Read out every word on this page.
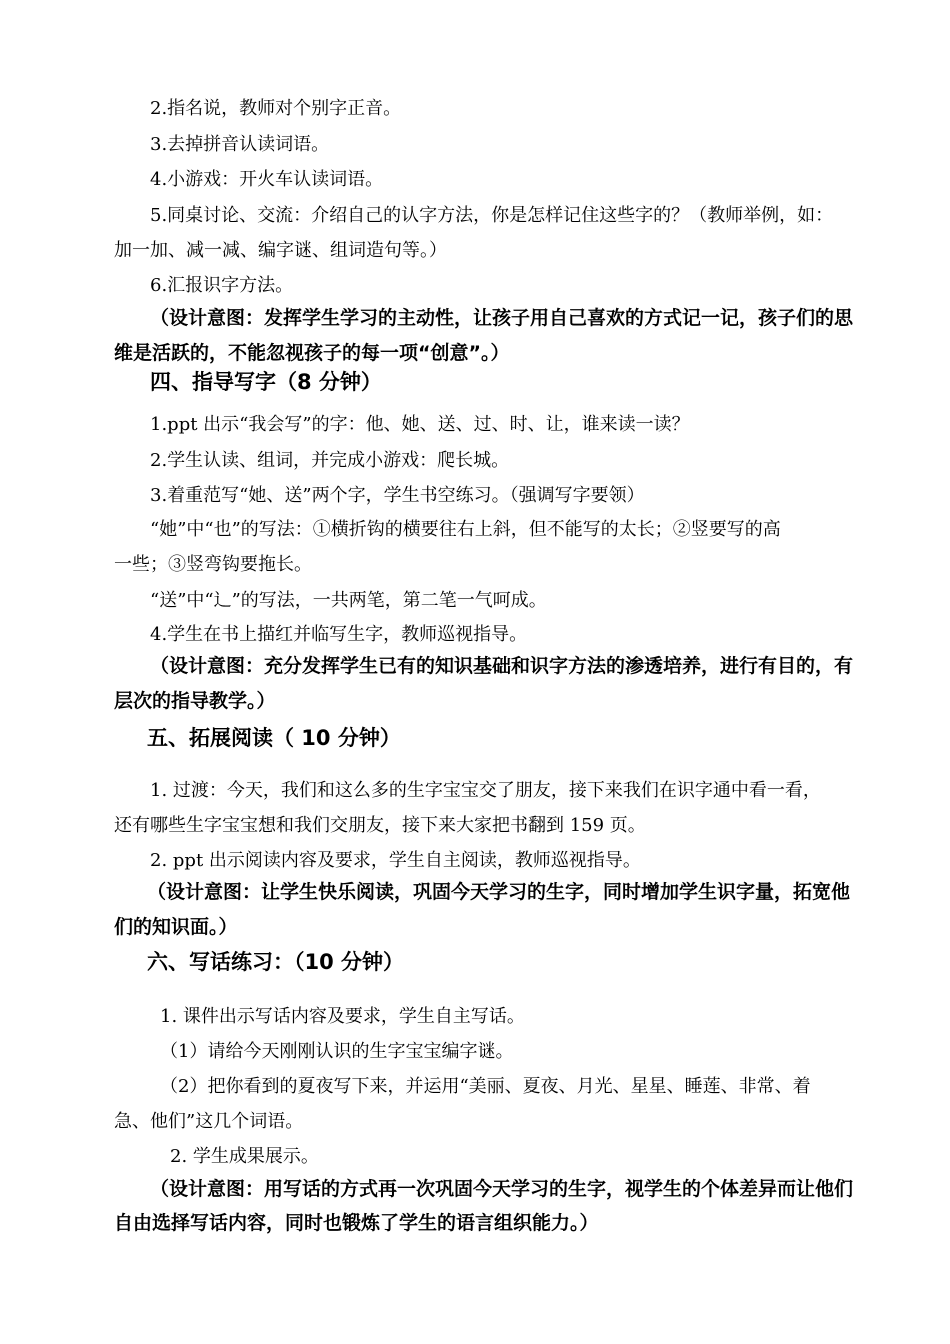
2.指名说，教师对个别字正音。
3.去掉拼音认读词语。
4.小游戏：开火车认读词语。
5.同桌讨论、交流：介绍自己的认字方法，你是怎样记住这些字的？（教师举例，如：
加一加、减一减、编字谜、组词造句等。）
6.汇报识字方法。
（设计意图：发挥学生学习的主动性，让孩子用自己喜欢的方式记一记，孩子们的思
维是活跃的，不能忽视孩子的每一项“创意”。）
四、指导写字（8 分钟）
1.ppt 出示“我会写”的字：他、她、送、过、时、让，谁来读一读？
2.学生认读、组词，并完成小游戏：爬长城。
3.着重范写“她、送”两个字，学生书空练习。（强调写字要领）
“她”中“也”的写法：①横折钩的横要往右上斜，但不能写的太长；②竖要写的高
一些；③竖弯钩要拖长。
“送”中“辶”的写法，一共两笔，第二笔一气呵成。
4.学生在书上描红并临写生字，教师巡视指导。
（设计意图：充分发挥学生已有的知识基础和识字方法的渗透培养，进行有目的，有
层次的指导教学。）
五、拓展阅读（ 10 分钟）
1. 过渡：今天，我们和这么多的生字宝宝交了朋友，接下来我们在识字通中看一看，
还有哪些生字宝宝想和我们交朋友，接下来大家把书翻到 159 页。
2. ppt 出示阅读内容及要求，学生自主阅读，教师巡视指导。
（设计意图：让学生快乐阅读，巩固今天学习的生字，同时增加学生识字量，拓宽他
们的知识面。）
六、写话练习：（10 分钟）
1. 课件出示写话内容及要求，学生自主写话。
（1）请给今天刚刚认识的生字宝宝编字谜。
（2）把你看到的夏夜写下来，并运用“美丽、夏夜、月光、星星、睡莲、非常、着
急、他们”这几个词语。
2. 学生成果展示。
（设计意图：用写话的方式再一次巩固今天学习的生字，视学生的个体差异而让他们
自由选择写话内容，同时也锻炼了学生的语言组织能力。）
